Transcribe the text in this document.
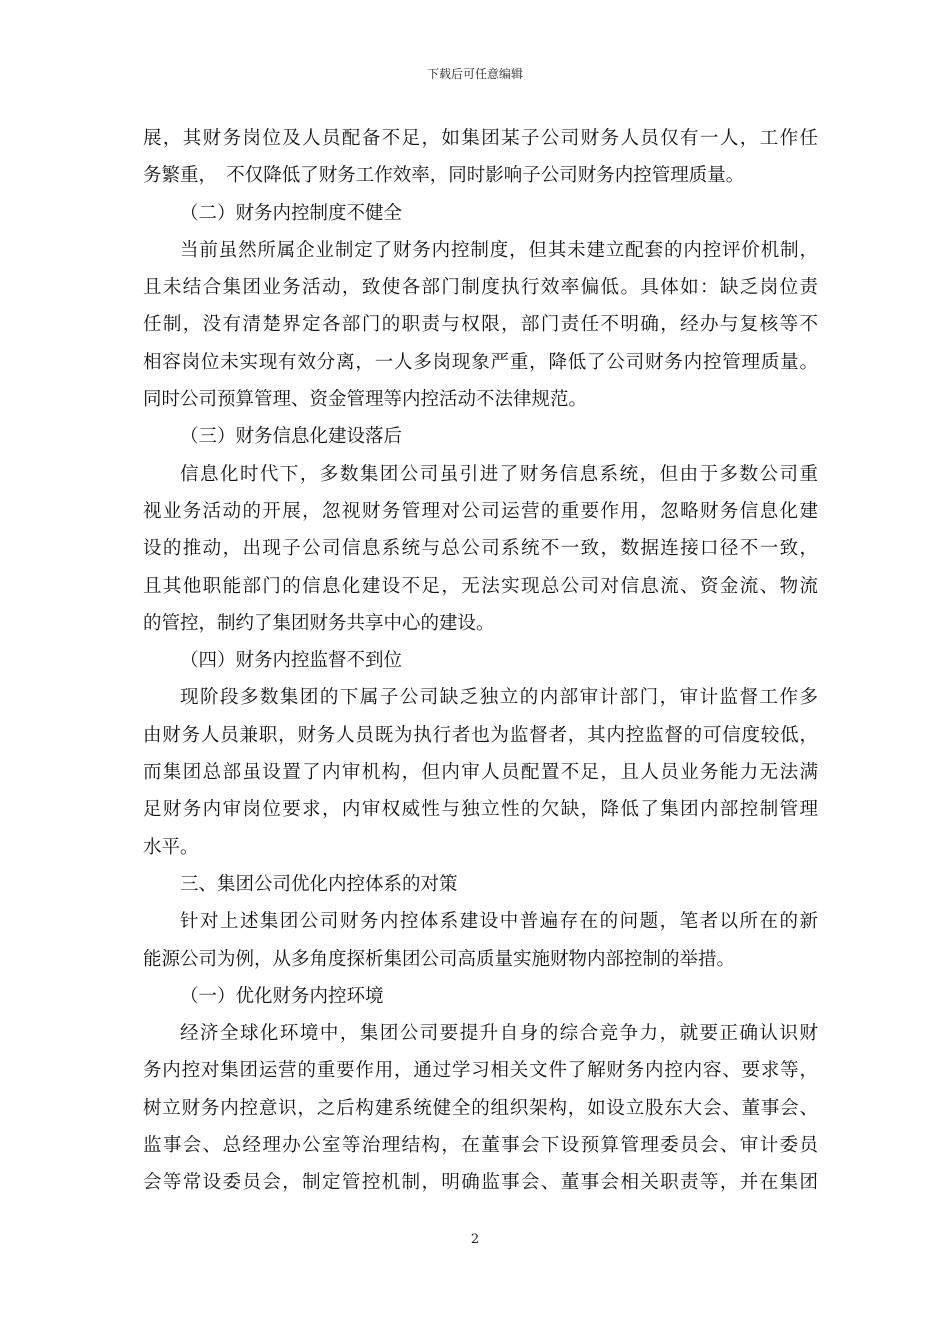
下载后可任意编辑
展，其财务岗位及人员配备不足，如集团某子公司财务人员仅有一人，工作任
务繁重，　不仅降低了财务工作效率，同时影响子公司财务内控管理质量。
（二）财务内控制度不健全
当前虽然所属企业制定了财务内控制度，但其未建立配套的内控评价机制，
且未结合集团业务活动，致使各部门制度执行效率偏低。具体如：缺乏岗位责
任制，没有清楚界定各部门的职责与权限，部门责任不明确，经办与复核等不
相容岗位未实现有效分离，一人多岗现象严重，降低了公司财务内控管理质量。
同时公司预算管理、资金管理等内控活动不法律规范。
（三）财务信息化建设落后
信息化时代下，多数集团公司虽引进了财务信息系统，但由于多数公司重
视业务活动的开展，忽视财务管理对公司运营的重要作用，忽略财务信息化建
设的推动，出现子公司信息系统与总公司系统不一致，数据连接口径不一致，
且其他职能部门的信息化建设不足，无法实现总公司对信息流、资金流、物流
的管控，制约了集团财务共享中心的建设。
（四）财务内控监督不到位
现阶段多数集团的下属子公司缺乏独立的内部审计部门，审计监督工作多
由财务人员兼职，财务人员既为执行者也为监督者，其内控监督的可信度较低，
而集团总部虽设置了内审机构，但内审人员配置不足，且人员业务能力无法满
足财务内审岗位要求，内审权威性与独立性的欠缺，降低了集团内部控制管理
水平。
三、集团公司优化内控体系的对策
针对上述集团公司财务内控体系建设中普遍存在的问题，笔者以所在的新
能源公司为例，从多角度探析集团公司高质量实施财物内部控制的举措。
（一）优化财务内控环境
经济全球化环境中，集团公司要提升自身的综合竞争力，就要正确认识财
务内控对集团运营的重要作用，通过学习相关文件了解财务内控内容、要求等，
树立财务内控意识，之后构建系统健全的组织架构，如设立股东大会、董事会、
监事会、总经理办公室等治理结构，在董事会下设预算管理委员会、审计委员
会等常设委员会，制定管控机制，明确监事会、董事会相关职责等，并在集团
2
